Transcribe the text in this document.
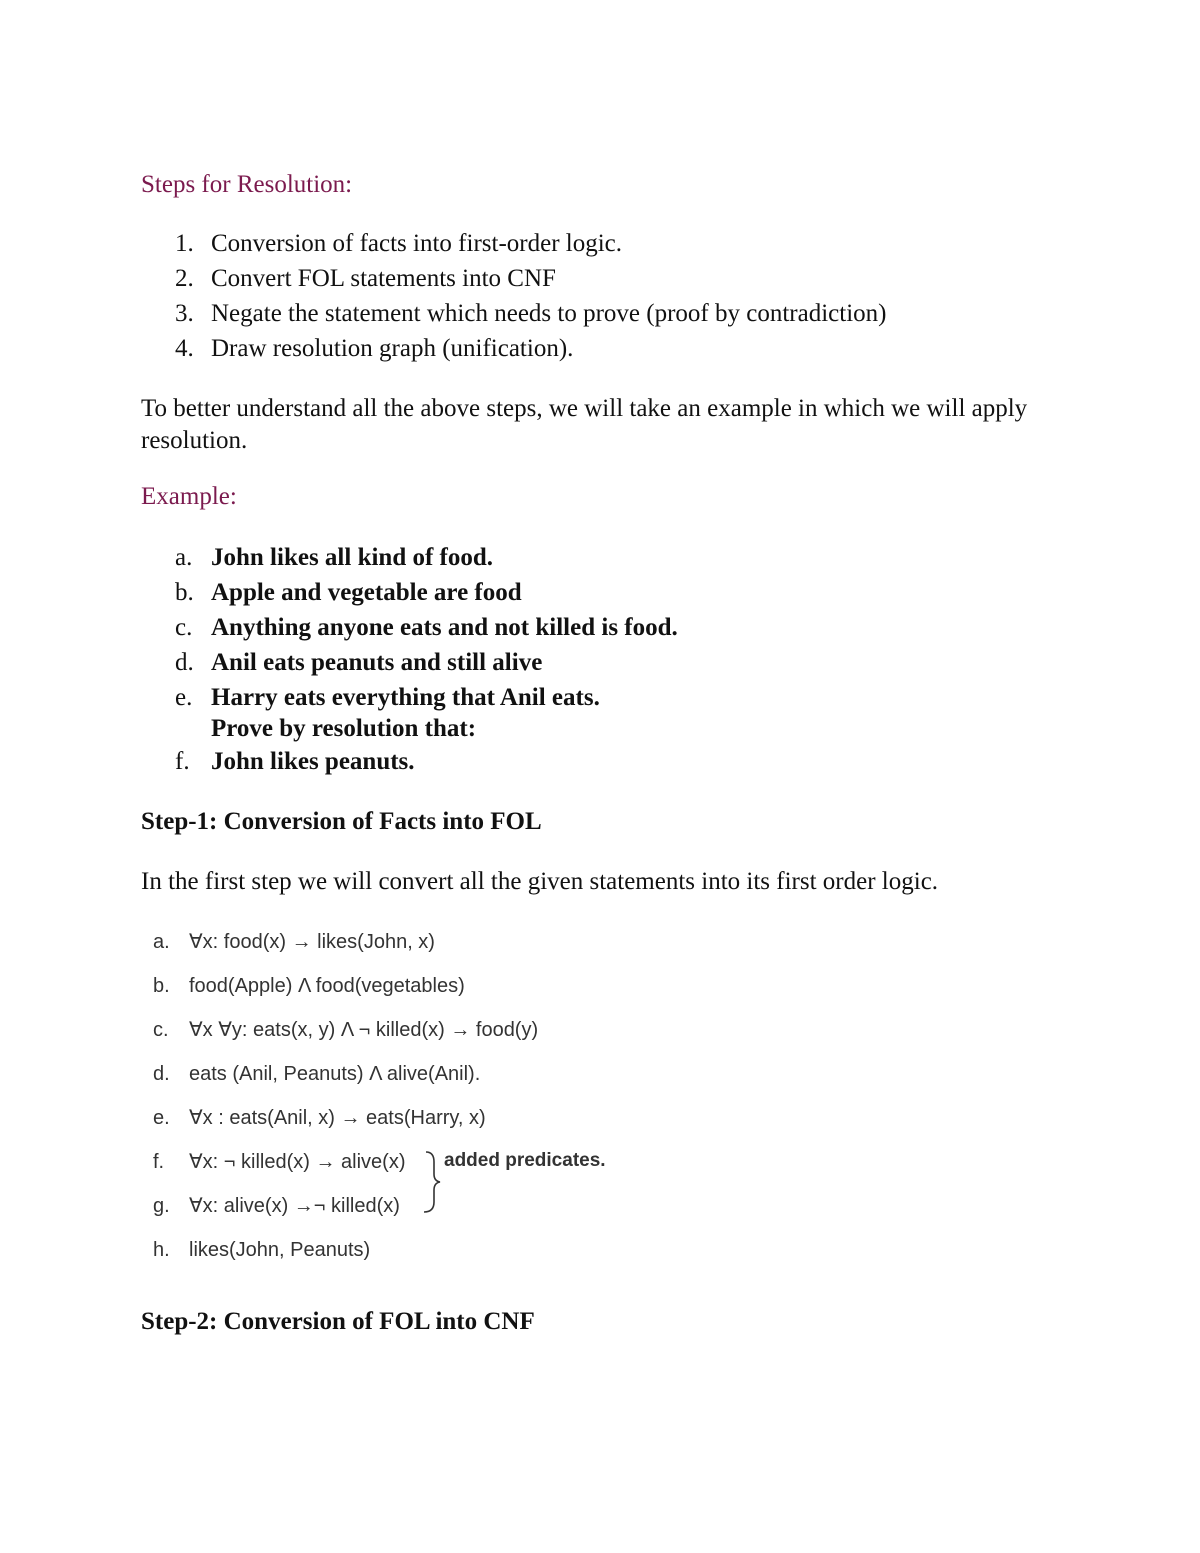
Steps for Resolution:
1. Conversion of facts into first-order logic.
2. Convert FOL statements into CNF
3. Negate the statement which needs to prove (proof by contradiction)
4. Draw resolution graph (unification).

To better understand all the above steps, we will take an example in which we will apply resolution.

Example:
a. John likes all kind of food.
b. Apple and vegetable are food
c. Anything anyone eats and not killed is food.
d. Anil eats peanuts and still alive
e. Harry eats everything that Anil eats.
Prove by resolution that:
f. John likes peanuts.
Step-1: Conversion of Facts into FOL

In the first step we will convert all the given statements into its first order logic.

a. ∀x: food(x) → likes(John, x)
b. food(Apple) Λ food(vegetables)
c. ∀x ∀y: eats(x, y) Λ ¬ killed(x) → food(y)
d. eats (Anil, Peanuts) Λ alive(Anil).
e. ∀x : eats(Anil, x) → eats(Harry, x)
f. ∀x: ¬ killed(x) → alive(x)
g. ∀x: alive(x) →¬ killed(x)
h. likes(John, Peanuts)
added predicates.
Step-2: Conversion of FOL into CNF
